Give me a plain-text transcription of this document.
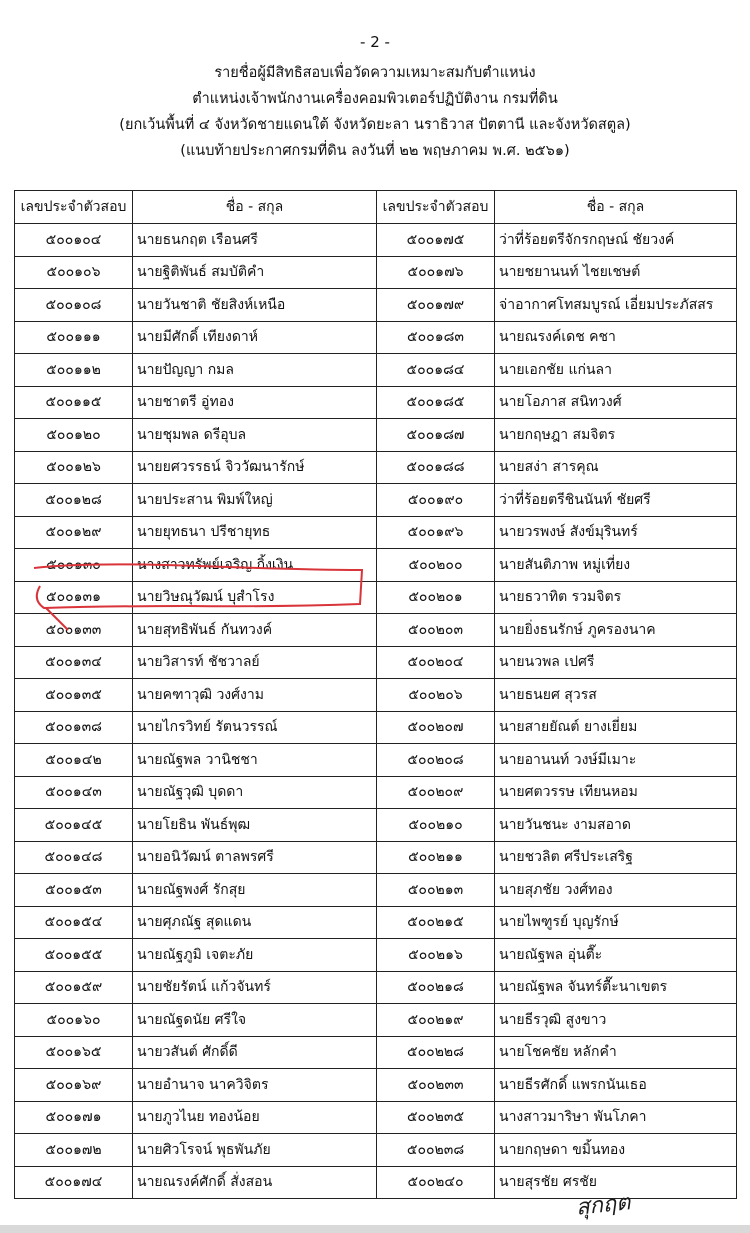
- 2 -
รายชื่อผู้มีสิทธิสอบเพื่อวัดความเหมาะสมกับตำแหน่ง
ตำแหน่งเจ้าพนักงานเครื่องคอมพิวเตอร์ปฏิบัติงาน กรมที่ดิน
(ยกเว้นพื้นที่ ๔ จังหวัดชายแดนใต้ จังหวัดยะลา นราธิวาส ปัตตานี และจังหวัดสตูล)
(แนบท้ายประกาศกรมที่ดิน ลงวันที่ ๒๒ พฤษภาคม พ.ศ. ๒๕๖๑)
เลขประจำตัวสอบ	ชื่อ - สกุล	เลขประจำตัวสอบ	ชื่อ - สกุล
๕๐๐๑๐๔	นายธนกฤต เรือนศรี	๕๐๐๑๗๕	ว่าที่ร้อยตรีจักรกฤษณ์ ชัยวงค์
๕๐๐๑๐๖	นายฐิติพันธ์ สมบัติคำ	๕๐๐๑๗๖	นายชยานนท์ ไชยเชษต์
๕๐๐๑๐๘	นายวันชาติ ชัยสิงห์เหนือ	๕๐๐๑๗๙	จ่าอากาศโทสมบูรณ์ เอี่ยมประภัสสร
๕๐๐๑๑๑	นายมีศักดิ์ เทียงดาห์	๕๐๐๑๘๓	นายณรงค์เดช คชา
๕๐๐๑๑๒	นายปัญญา กมล	๕๐๐๑๘๔	นายเอกชัย แก่นลา
๕๐๐๑๑๕	นายชาตรี อู่ทอง	๕๐๐๑๘๕	นายโอภาส สนิทวงศ์
๕๐๐๑๒๐	นายชุมพล ดรีอุบล	๕๐๐๑๘๗	นายกฤษฎา สมจิตร
๕๐๐๑๒๖	นายยศวรรธน์ จิววัฒนารักษ์	๕๐๐๑๘๘	นายสง่า สารคุณ
๕๐๐๑๒๘	นายประสาน พิมพ์ใหญ่	๕๐๐๑๙๐	ว่าที่ร้อยตรีชินนันท์ ชัยศรี
๕๐๐๑๒๙	นายยุทธนา ปรีชายุทธ	๕๐๐๑๙๖	นายวรพงษ์ สังข์มุรินทร์
๕๐๐๑๓๐	นางสาวทรัพย์เจริญ กิ้งเงิน	๕๐๐๒๐๐	นายสันติภาพ หมู่เที่ยง
๕๐๐๑๓๑	นายวิษณุวัฒน์ บุสำโรง	๕๐๐๒๐๑	นายธวาทิต รวมจิตร
๕๐๐๑๓๓	นายสุทธิพันธ์ กันทวงค์	๕๐๐๒๐๓	นายยิ่งธนรักษ์ ภูครองนาค
๕๐๐๑๓๔	นายวิสารท์ ชัชวาลย์	๕๐๐๒๐๔	นายนวพล เปศรี
๕๐๐๑๓๕	นายคฑาวุฒิ วงศ์งาม	๕๐๐๒๐๖	นายธนยศ สุวรส
๕๐๐๑๓๘	นายไกรวิทย์ รัตนวรรณ์	๕๐๐๒๐๗	นายสายยัณต์ ยางเยี่ยม
๕๐๐๑๔๒	นายณัฐพล วานิชชา	๕๐๐๒๐๘	นายอานนท์ วงษ์มีเมาะ
๕๐๐๑๔๓	นายณัฐวุฒิ บุดดา	๕๐๐๒๐๙	นายศตวรรษ เทียนหอม
๕๐๐๑๔๕	นายโยธิน พันธ์พุฒ	๕๐๐๒๑๐	นายวันชนะ งามสอาด
๕๐๐๑๔๘	นายอนิวัฒน์ ตาลพรศรี	๕๐๐๒๑๑	นายชวลิต ศรีประเสริฐ
๕๐๐๑๕๓	นายณัฐพงศ์ รักสุย	๕๐๐๒๑๓	นายสุภชัย วงศ์ทอง
๕๐๐๑๕๔	นายศุภณัฐ สุดแดน	๕๐๐๒๑๕	นายไพฑูรย์ บุญรักษ์
๕๐๐๑๕๕	นายณัฐภูมิ เจตะภัย	๕๐๐๒๑๖	นายณัฐพล อุ่นตื๊ะ
๕๐๐๑๕๙	นายชัยรัตน์ แก้วจันทร์	๕๐๐๒๑๘	นายณัฐพล จันทร์ตื๊ะนาเขตร
๕๐๐๑๖๐	นายณัฐดนัย ศรีใจ	๕๐๐๒๑๙	นายธีรวุฒิ สูงขาว
๕๐๐๑๖๕	นายวสันต์ ศักดิ์ดี	๕๐๐๒๒๘	นายโชคชัย หลักคำ
๕๐๐๑๖๙	นายอำนาจ นาควิจิตร	๕๐๐๒๓๓	นายธีรศักดิ์ แพรกนันเธอ
๕๐๐๑๗๑	นายภูวไนย ทองน้อย	๕๐๐๒๓๕	นางสาวมาริษา พันโภคา
๕๐๐๑๗๒	นายศิวโรจน์ พุธพันภัย	๕๐๐๒๓๘	นายกฤษดา ขมิ้นทอง
๕๐๐๑๗๔	นายณรงค์ศักดิ์ สั่งสอน	๕๐๐๒๔๐	นายสุรชัย ศรชัย
สุกฤต
